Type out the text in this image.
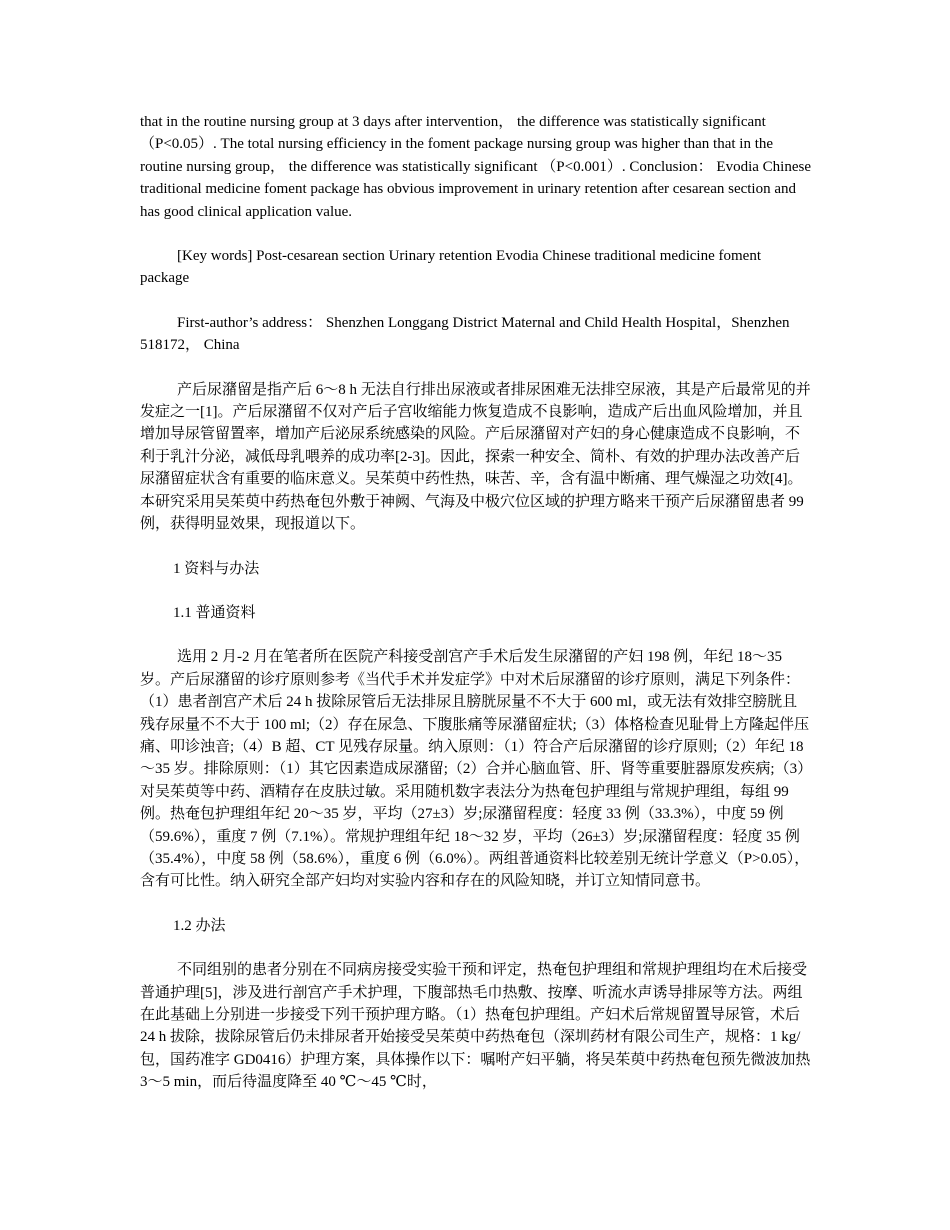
that in the routine nursing group at 3 days after intervention， the difference was statistically significant （P<0.05）. The total nursing efficiency in the foment package nursing group was higher than that in the routine nursing group， the difference was statistically significant （P<0.001）. Conclusion： Evodia Chinese traditional medicine foment package has obvious improvement in urinary retention after cesarean section and has good clinical application value.

[Key words] Post-cesarean section Urinary retention Evodia Chinese traditional medicine foment package

First-author’s address： Shenzhen Longgang District Maternal and Child Health Hospital，Shenzhen 518172， China

产后尿潴留是指产后 6～8 h 无法自行排出尿液或者排尿困难无法排空尿液，其是产后最常见的并发症之一[1]。产后尿潴留不仅对产后子宫收缩能力恢复造成不良影响，造成产后出血风险增加，并且增加导尿管留置率，增加产后泌尿系统感染的风险。产后尿潴留对产妇的身心健康造成不良影响，不利于乳汁分泌，减低母乳喂养的成功率[2-3]。因此，探索一种安全、简朴、有效的护理办法改善产后尿潴留症状含有重要的临床意义。吴茱萸中药性热，味苦、辛，含有温中断痛、理气燥湿之功效[4]。本研究采用吴茱萸中药热奄包外敷于神阙、气海及中极穴位区域的护理方略来干预产后尿潴留患者 99 例，获得明显效果，现报道以下。

1 资料与办法

1.1 普通资料

选用 2 月-2 月在笔者所在医院产科接受剖宫产手术后发生尿潴留的产妇 198 例，年纪 18～35 岁。产后尿潴留的诊疗原则参考《当代手术并发症学》中对术后尿潴留的诊疗原则，满足下列条件：（1）患者剖宫产术后 24 h 拔除尿管后无法排尿且膀胱尿量不不大于 600 ml，或无法有效排空膀胱且残存尿量不不大于 100 ml;（2）存在尿急、下腹胀痛等尿潴留症状;（3）体格检查见耻骨上方隆起伴压痛、叩诊浊音;（4）B 超、CT 见残存尿量。纳入原则：（1）符合产后尿潴留的诊疗原则;（2）年纪 18～35 岁。排除原则：（1）其它因素造成尿潴留;（2）合并心脑血管、肝、肾等重要脏器原发疾病;（3）对吴茱萸等中药、酒精存在皮肤过敏。采用随机数字表法分为热奄包护理组与常规护理组，每组 99 例。热奄包护理组年纪 20～35 岁，平均（27±3）岁;尿潴留程度：轻度 33 例（33.3%），中度 59 例（59.6%），重度 7 例（7.1%）。常规护理组年纪 18～32 岁，平均（26±3）岁;尿潴留程度：轻度 35 例（35.4%），中度 58 例（58.6%），重度 6 例（6.0%）。两组普通资料比较差别无统计学意义（P>0.05），含有可比性。纳入研究全部产妇均对实验内容和存在的风险知晓，并订立知情同意书。

1.2 办法

不同组别的患者分别在不同病房接受实验干预和评定，热奄包护理组和常规护理组均在术后接受普通护理[5]，涉及进行剖宫产手术护理，下腹部热毛巾热敷、按摩、听流水声诱导排尿等方法。两组在此基础上分别进一步接受下列干预护理方略。（1）热奄包护理组。产妇术后常规留置导尿管，术后 24 h 拔除，拔除尿管后仍未排尿者开始接受吴茱萸中药热奄包（深圳药材有限公司生产，规格：1 kg/包，国药准字 GD0416）护理方案，具体操作以下：嘱咐产妇平躺，将吴茱萸中药热奄包预先微波加热 3～5 min，而后待温度降至 40 ℃～45 ℃时，
